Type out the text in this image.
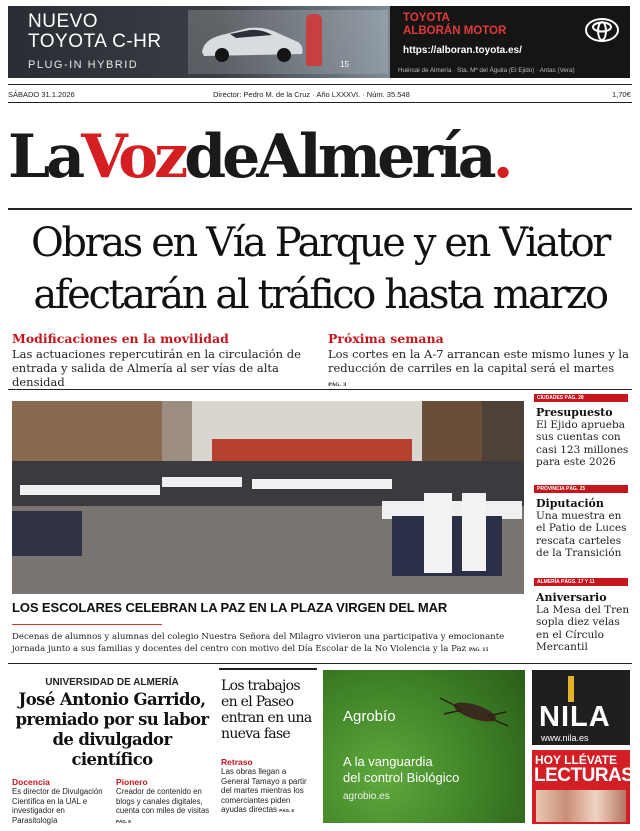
NUEVO
TOYOTA C-HR
PLUG-IN HYBRID	15
TOYOTA
ALBORÁN MOTOR
https://alboran.toyota.es/
Huércal de Almería · Sta. Mª del Águila (El Ejido) · Antas (Vera)
SÁBADO 31.1.2026	Director: Pedro M. de la Cruz · Año LXXXVI. · Núm. 35.548	1,70€
LaVozdeAlmería.
Obras en Vía Parque y en Viator
afectarán al tráfico hasta marzo
Modificaciones en la movilidad
Las actuaciones repercutirán en la circulación de entrada y salida de Almería al ser vías de alta densidad
Próxima semana
Los cortes en la A-7 arrancan este mismo lunes y la reducción de carriles en la capital será el martes PÁG. 3
LOS ESCOLARES CELEBRAN LA PAZ EN LA PLAZA VIRGEN DEL MAR
Decenas de alumnos y alumnas del colegio Nuestra Señora del Milagro vivieron una participativa y emocionante jornada junto a sus familias y docentes del centro con motivo del Día Escolar de la No Violencia y la Paz PÁG. 15
CIUDADES PÁG. 28
Presupuesto
El Ejido aprueba sus cuentas con casi 123 millones para este 2026
PROVINCIA PÁG. 25
Diputación
Una muestra en el Patio de Luces rescata carteles de la Transición
ALMERÍA PÁGS. 17 Y 11
Aniversario
La Mesa del Tren sopla diez velas en el Círculo Mercantil
UNIVERSIDAD DE ALMERÍA
José Antonio Garrido, premiado por su labor de divulgador científico
Docencia
Es director de Divulgación Científica en la UAL e investigador en Parasitología
Pionero
Creador de contenido en blogs y canales digitales, cuenta con miles de visitas PÁG. 8
Los trabajos en el Paseo entran en una nueva fase
Retraso
Las obras llegan a General Tamayo a partir del martes mientras los comerciantes piden ayudas directas PÁG. 5
Agrobío
A la vanguardia
del control Biológico
agrobio.es
NILA
www.nila.es
HOY LLÉVATE
LECTURAS
